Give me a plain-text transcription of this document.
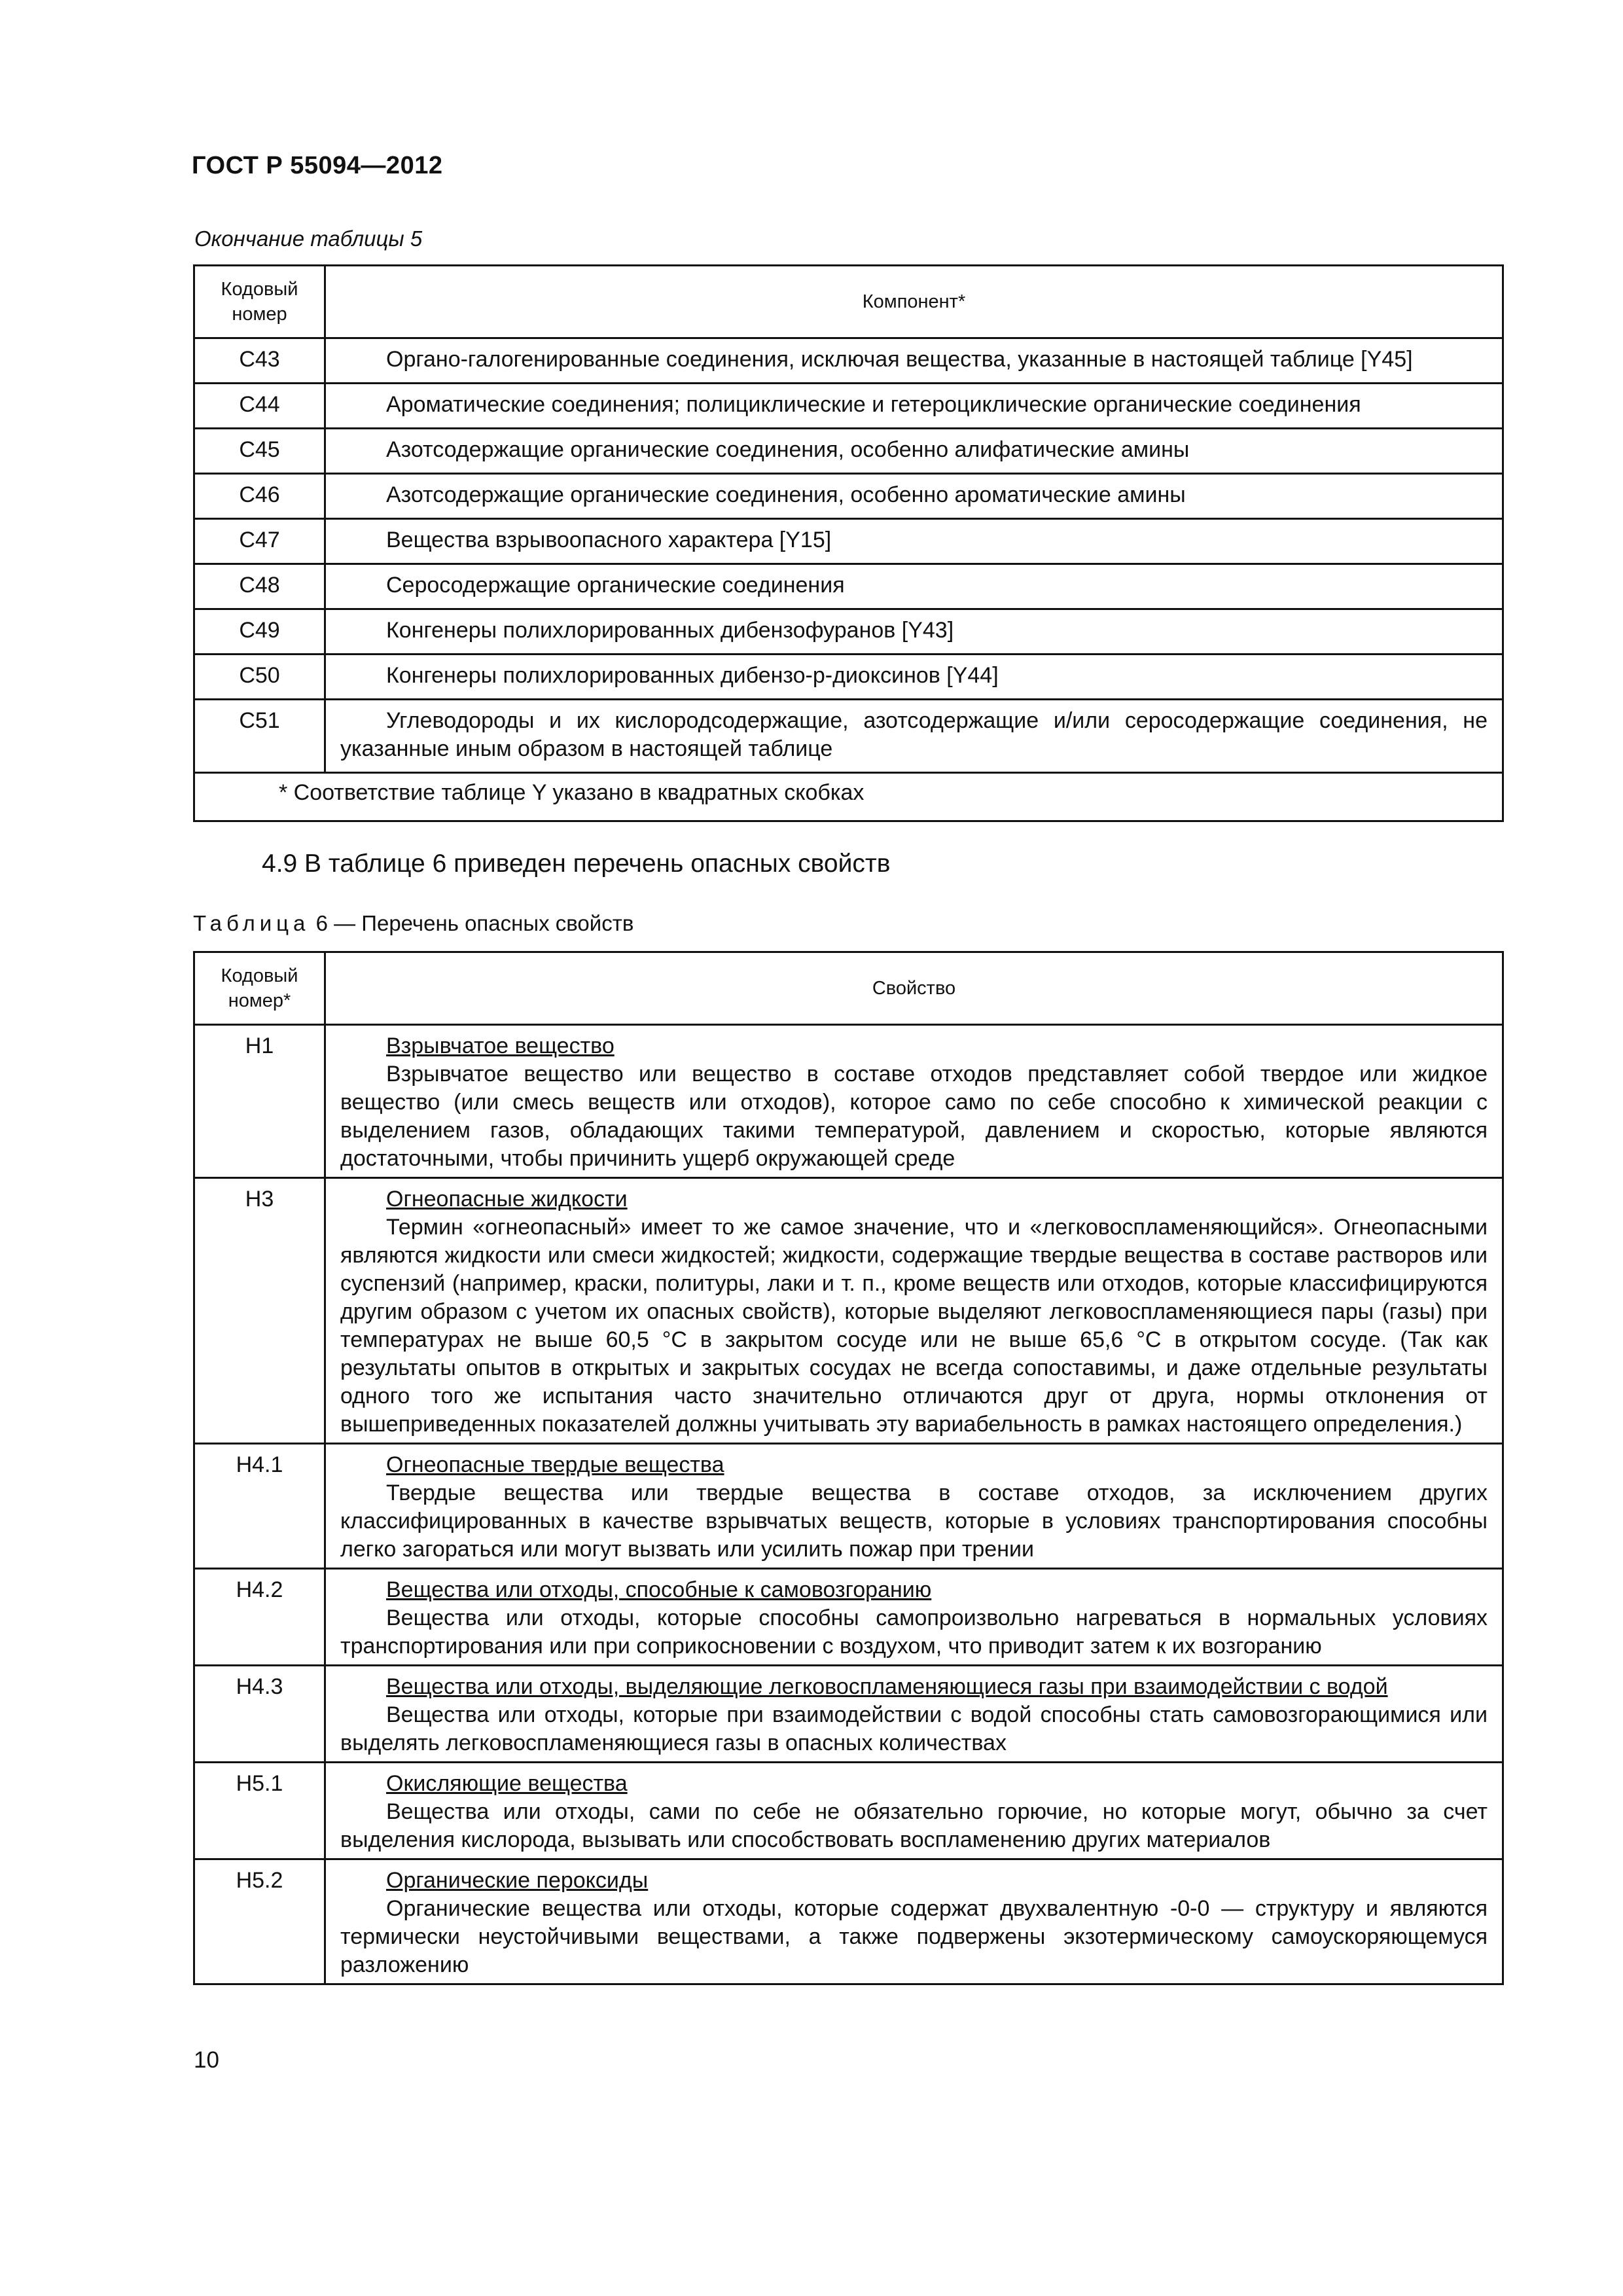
ГОСТ Р 55094—2012
Окончание таблицы 5
Кодовый номер	Компонент*
C43	Органо-галогенированные соединения, исключая вещества, указанные в настоящей таблице [Y45]
C44	Ароматические соединения; полициклические и гетероциклические органические соединения
C45	Азотсодержащие органические соединения, особенно алифатические амины
C46	Азотсодержащие органические соединения, особенно ароматические амины
C47	Вещества взрывоопасного характера [Y15]
C48	Серосодержащие органические соединения
C49	Конгенеры полихлорированных дибензофуранов [Y43]
C50	Конгенеры полихлорированных дибензо-р-диоксинов [Y44]
C51	Углеводороды и их кислородсодержащие, азотсодержащие и/или серосодержащие соединения, не указанные иным образом в настоящей таблице
* Соответствие таблице Y указано в квадратных скобках	
4.9 В таблице 6 приведен перечень опасных свойств
Таблица 6 — Перечень опасных свойств
Кодовый номер*	Свойство
H1	Взрывчатое вещество
Взрывчатое вещество или вещество в составе отходов представляет собой твердое или жидкое вещество (или смесь веществ или отходов), которое само по себе способно к химической реакции с выделением газов, обладающих такими температурой, давлением и скоростью, которые являются достаточными, чтобы причинить ущерб окружающей среде

H3	Огнеопасные жидкости
Термин «огнеопасный» имеет то же самое значение, что и «легковоспламеняющийся». Огнеопасными являются жидкости или смеси жидкостей; жидкости, содержащие твердые вещества в составе растворов или суспензий (например, краски, политуры, лаки и т. п., кроме веществ или отходов, которые классифицируются другим образом с учетом их опасных свойств), которые выделяют легковоспламеняющиеся пары (газы) при температурах не выше 60,5 °С в закрытом сосуде или не выше 65,6 °С в открытом сосуде. (Так как результаты опытов в открытых и закрытых сосудах не всегда сопоставимы, и даже отдельные результаты одного того же испытания часто значительно отличаются друг от друга, нормы отклонения от вышеприведенных показателей должны учитывать эту вариабельность в рамках настоящего определения.)

H4.1	Огнеопасные твердые вещества
Твердые вещества или твердые вещества в составе отходов, за исключением других классифицированных в качестве взрывчатых веществ, которые в условиях транспортирования способны легко загораться или могут вызвать или усилить пожар при трении

H4.2	Вещества или отходы, способные к самовозгоранию
Вещества или отходы, которые способны самопроизвольно нагреваться в нормальных условиях транспортирования или при соприкосновении с воздухом, что приводит затем к их возгоранию

H4.3	Вещества или отходы, выделяющие легковоспламеняющиеся газы при взаимодействии с водой
Вещества или отходы, которые при взаимодействии с водой способны стать самовозгорающимися или выделять легковоспламеняющиеся газы в опасных количествах

H5.1	Окисляющие вещества
Вещества или отходы, сами по себе не обязательно горючие, но которые могут, обычно за счет выделения кислорода, вызывать или способствовать воспламенению других материалов

H5.2	Органические пероксиды
Органические вещества или отходы, которые содержат двухвалентную -0-0 — структуру и являются термически неустойчивыми веществами, а также подвержены экзотермическому самоускоряющемуся разложению
10
